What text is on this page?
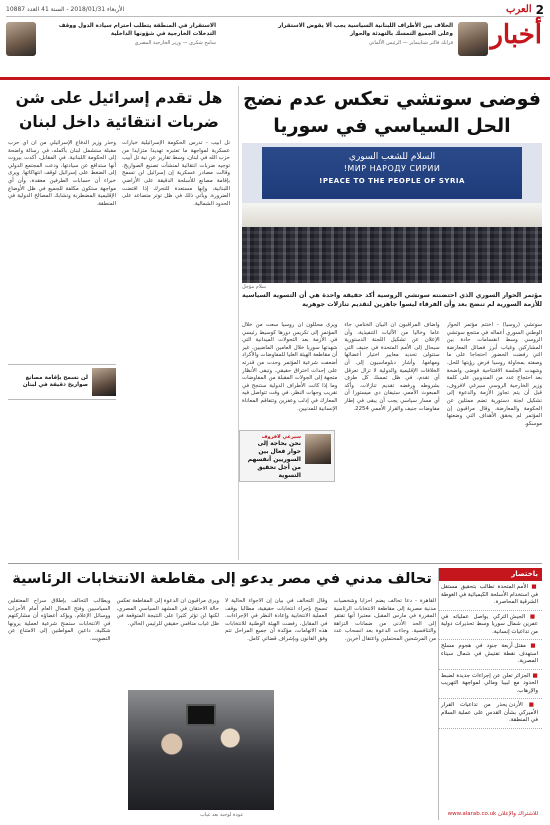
2
العرب
الأربعاء 2018/01/31 - السنة 41 العدد 10887
أخبار
الخلاف بين الأطراف اللبنانية السياسية يجب ألا يقوض الاستقرار وعلى الجميع التمسك بالتهدئة والحوار
فرانك فالتر شتاينماير — الرئيس الألماني
الاستقرار في المنطقة يتطلب احترام سيادة الدول ووقف التدخلات الخارجية في شؤونها الداخلية
سامح شكري — وزير الخارجية المصري
فوضى سوتشي تعكس عدم نضج الحل السياسي في سوريا
السلام للشعب السوري
МИР НАРОДУ СИРИИ!
PEACE TO THE PEOPLE OF SYRIA!
سلام مؤجل

مؤتمر الحوار السوري الذي احتضنته سوتشي الروسية أكد حقيقة واحدة هي أن التسوية السياسية للأزمة السورية لم تنضج بعد وأن الفرقاء ليسوا جاهزين لتقديم تنازلات جوهرية

سوتشي (روسيا) - اختتم مؤتمر الحوار الوطني السوري أعماله في منتجع سوتشي الروسي وسط انقسامات حادة بين المشاركين وغياب أبرز فصائل المعارضة التي رفضت الحضور احتجاجا على ما وصفته بمحاولة روسيا فرض رؤيتها للحل. وشهدت الجلسة الافتتاحية فوضى واضحة بعد احتجاج عدد من المندوبين على كلمة وزير الخارجية الروسي سيرغي لافروف، قبل أن يتم تجاوز الأزمة والدعوة إلى تشكيل لجنة دستورية تضم ممثلين عن الحكومة والمعارضة. وقال مراقبون إن المؤتمر لم يحقق الأهداف التي وضعتها موسكو.

وأضاف المراقبون أن البيان الختامي جاء عاما وخاليا من الآليات التنفيذية، وأن الإعلان عن تشكيل اللجنة الدستورية سيحال إلى الأمم المتحدة في جنيف التي ستتولى تحديد معايير اختيار أعضائها ومهامها. وأشار دبلوماسيون إلى أن الخلافات الإقليمية والدولية لا تزال تعرقل أي تقدم، في ظل تمسك كل طرف بشروطه ورفضه تقديم تنازلات. وأكد المبعوث الأممي ستيفان دي ميستورا أن أي مسار سياسي يجب أن يبقى في إطار مفاوضات جنيف والقرار الأممي 2254.

ويرى محللون أن روسيا سعت من خلال المؤتمر إلى تكريس دورها كوسيط رئيسي في الأزمة بعد التحولات الميدانية التي شهدتها سوريا خلال العامين الماضيين. غير أن مقاطعة الهيئة العليا للمفاوضات والأكراد أضعفت شرعية المؤتمر وحدت من قدرته على إحداث اختراق حقيقي. وتبقى الأنظار متجهة إلى الجولات المقبلة من المفاوضات وما إذا كانت الأطراف الدولية ستنجح في تقريب وجهات النظر، في وقت تتواصل فيه المعارك في إدلب وعفرين وتتفاقم المعاناة الإنسانية للمدنيين.

سيرغي لافروف
نحن بحاجة إلى حوار فعال بين السوريين أنفسهم من أجل تحقيق التسوية
هل تقدم إسرائيل على شن ضربات انتقائية داخل لبنان

تل أبيب - تدرس الحكومة الإسرائيلية خيارات عسكرية لمواجهة ما تعتبره تهديدا متزايدا من حزب الله في لبنان، وسط تقارير عن نية تل أبيب توجيه ضربات انتقائية لمنشآت تصنيع الصواريخ. وقالت مصادر عسكرية إن إسرائيل لن تسمح بإقامة مصانع للأسلحة الدقيقة على الأراضي اللبنانية، وإنها مستعدة للتحرك إذا اقتضت الضرورة. ويأتي ذلك في ظل توتر متصاعد على الحدود الشمالية.

وحذر وزير الدفاع الإسرائيلي من أن أي حرب مقبلة ستشمل لبنان بأكمله، في رسالة واضحة إلى الحكومة اللبنانية. في المقابل، أكدت بيروت أنها ستدافع عن سيادتها، ودعت المجتمع الدولي إلى الضغط على إسرائيل لوقف انتهاكاتها. ويرى خبراء أن حسابات الطرفين معقدة، وأن أي مواجهة ستكون مكلفة للجميع في ظل الأوضاع الإقليمية المضطربة وتشابك المصالح الدولية في المنطقة.

لن نسمح بإقامة مصانع صواريخ دقيقة في لبنان
باختصار
■ الأمم المتحدة تطالب بتحقيق مستقل في استخدام الأسلحة الكيميائية في الغوطة الشرقية المحاصرة.
■ الجيش التركي يواصل عملياته في عفرين شمال سوريا وسط تحذيرات دولية من تداعيات إنسانية.
■ مقتل أربعة جنود في هجوم مسلح استهدف نقطة تفتيش في شمال سيناء المصرية.
■ الجزائر تعلن عن إجراءات جديدة لضبط الحدود مع ليبيا ومالي لمواجهة التهريب والإرهاب.
■ الأردن يحذر من تداعيات القرار الأميركي بشأن القدس على عملية السلام في المنطقة.
للاشتراك والإعلان www.alarab.co.uk
تحالف مدني في مصر يدعو إلى مقاطعة الانتخابات الرئاسية

القاهرة - دعا تحالف يضم أحزابا وشخصيات مدنية مصرية إلى مقاطعة الانتخابات الرئاسية المقررة في مارس المقبل، معتبرا أنها تفتقر إلى الحد الأدنى من ضمانات النزاهة والتنافسية. وجاءت الدعوة بعد انسحاب عدد من المرشحين المحتملين واعتقال آخرين.

وقال التحالف في بيان إن الأجواء الحالية لا تسمح بإجراء انتخابات حقيقية، مطالبا بوقف العملية الانتخابية وإعادة النظر في الإجراءات. في المقابل، رفضت الهيئة الوطنية للانتخابات هذه الاتهامات، مؤكدة أن جميع المراحل تتم وفق القانون وبإشراف قضائي كامل.

ويرى مراقبون أن الدعوة إلى المقاطعة تعكس حالة الاحتقان في المشهد السياسي المصري، لكنها لن تؤثر كثيرا على النتيجة المتوقعة في ظل غياب منافس حقيقي للرئيس الحالي.

ويطالب التحالف بإطلاق سراح المعتقلين السياسيين وفتح المجال العام أمام الأحزاب ووسائل الإعلام. ويؤكد أعضاؤه أن مشاركتهم في الانتخابات ستمنح شرعية لعملية يرونها شكلية، داعين المواطنين إلى الامتناع عن التصويت.

عودة لوجبة بعد غياب
